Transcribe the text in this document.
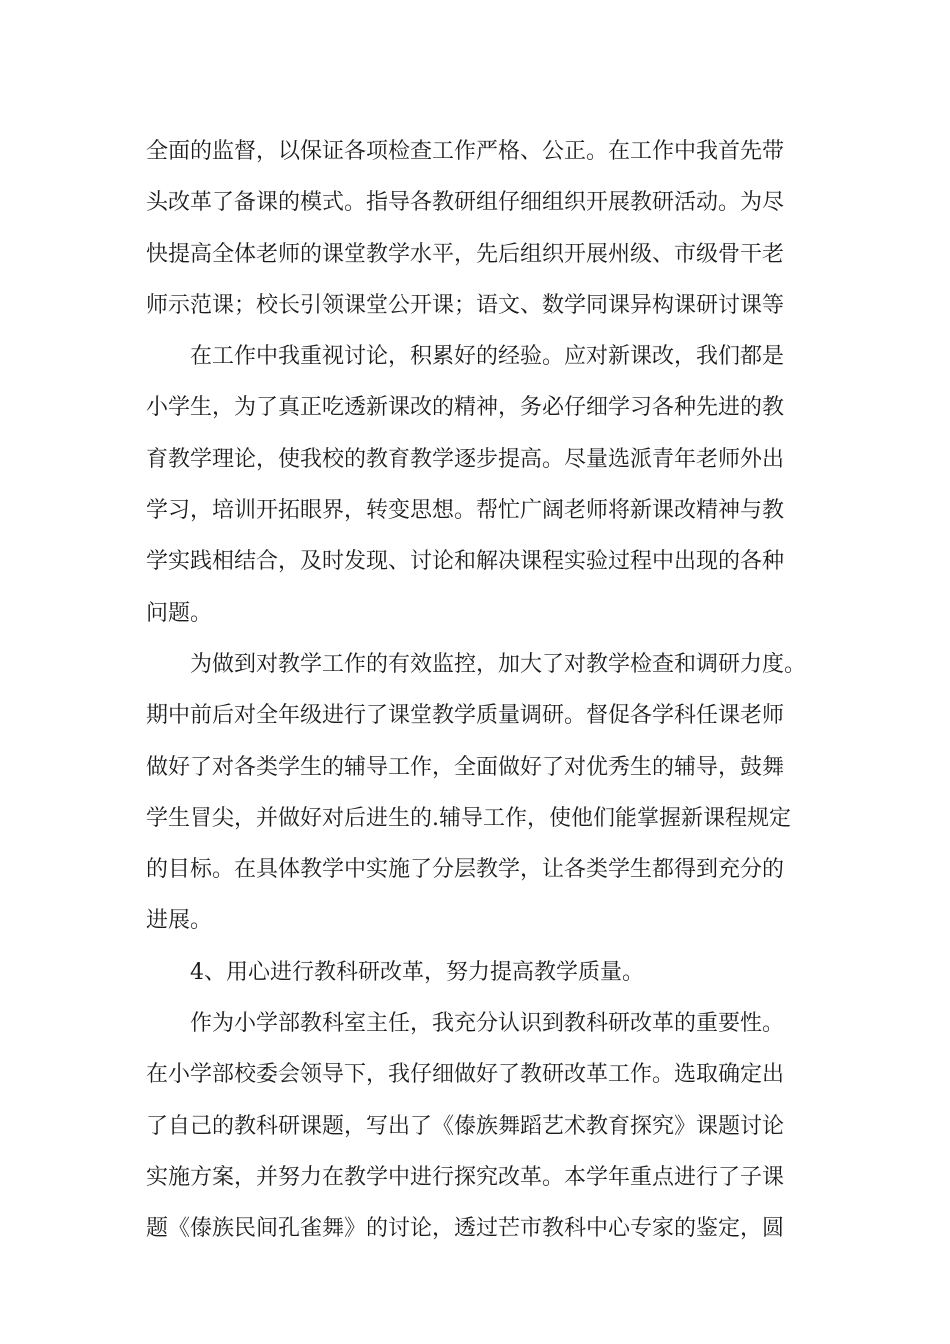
全面的监督，以保证各项检查工作严格、公正。在工作中我首先带
头改革了备课的模式。指导各教研组仔细组织开展教研活动。为尽
快提高全体老师的课堂教学水平，先后组织开展州级、市级骨干老
师示范课；校长引领课堂公开课；语文、数学同课异构课研讨课等
在工作中我重视讨论，积累好的经验。应对新课改，我们都是
小学生，为了真正吃透新课改的精神，务必仔细学习各种先进的教
育教学理论，使我校的教育教学逐步提高。尽量选派青年老师外出
学习，培训开拓眼界，转变思想。帮忙广阔老师将新课改精神与教
学实践相结合，及时发现、讨论和解决课程实验过程中出现的各种
问题。
为做到对教学工作的有效监控，加大了对教学检查和调研力度。
期中前后对全年级进行了课堂教学质量调研。督促各学科任课老师
做好了对各类学生的辅导工作，全面做好了对优秀生的辅导，鼓舞
学生冒尖，并做好对后进生的.辅导工作，使他们能掌握新课程规定
的目标。在具体教学中实施了分层教学，让各类学生都得到充分的
进展。
4、用心进行教科研改革，努力提高教学质量。
作为小学部教科室主任，我充分认识到教科研改革的重要性。
在小学部校委会领导下，我仔细做好了教研改革工作。选取确定出
了自己的教科研课题，写出了《傣族舞蹈艺术教育探究》课题讨论
实施方案，并努力在教学中进行探究改革。本学年重点进行了子课
题《傣族民间孔雀舞》的讨论，透过芒市教科中心专家的鉴定，圆
